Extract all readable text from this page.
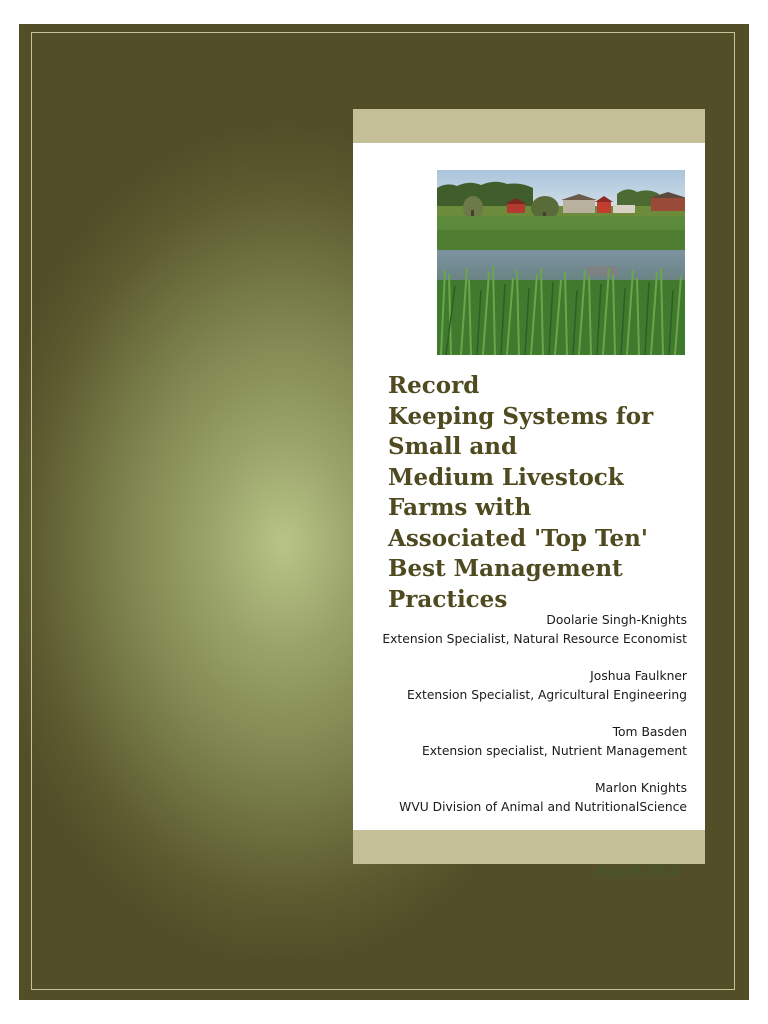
Record
Keeping Systems for
Small and
Medium Livestock
Farms with
Associated 'Top Ten'
Best Management
Practices
Doolarie Singh-Knights
Extension Specialist, Natural Resource Economist
Joshua Faulkner
Extension Specialist, Agricultural Engineering
Tom Basden
Extension specialist, Nutrient Management
Marlon Knights
WVU Division of Animal and NutritionalScience
August 2011
